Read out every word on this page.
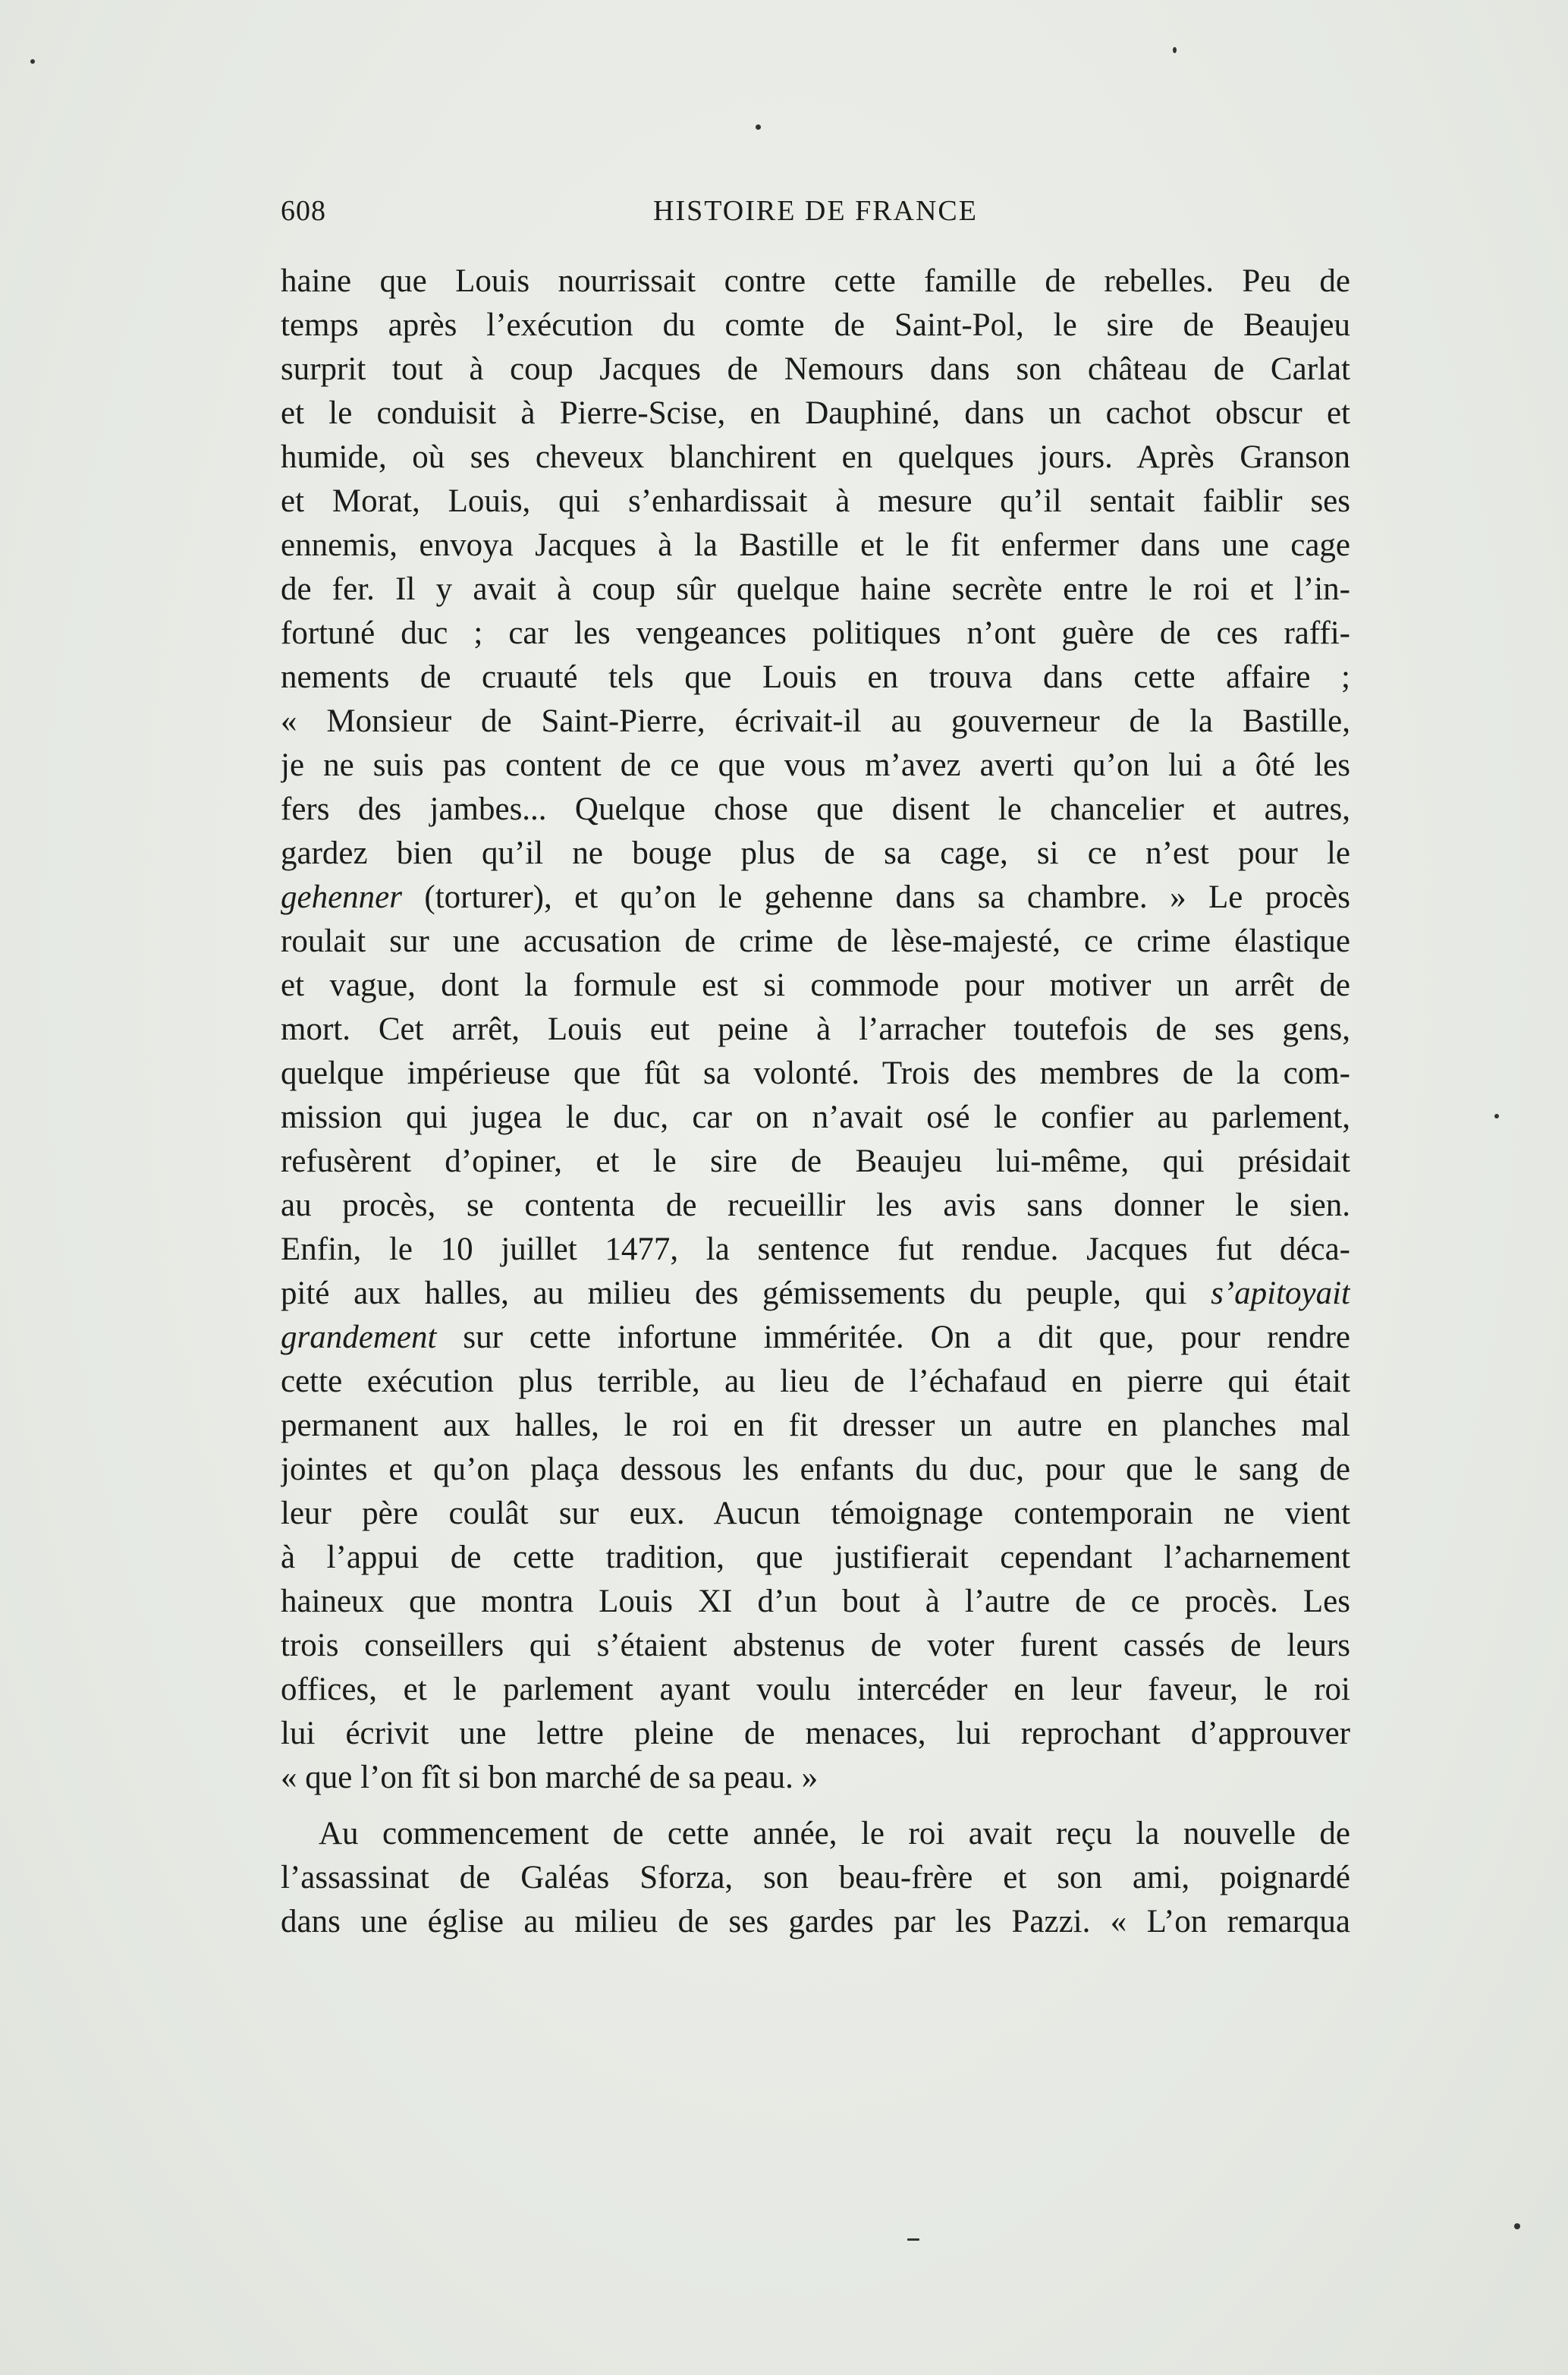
608	HISTOIRE DE FRANCE
haine que Louis nourrissait contre cette famille de rebelles. Peu de
temps après l’exécution du comte de Saint-Pol, le sire de Beaujeu
surprit tout à coup Jacques de Nemours dans son château de Carlat
et le conduisit à Pierre-Scise, en Dauphiné, dans un cachot obscur et
humide, où ses cheveux blanchirent en quelques jours. Après Granson
et Morat, Louis, qui s’enhardissait à mesure qu’il sentait faiblir ses
ennemis, envoya Jacques à la Bastille et le fit enfermer dans une cage
de fer. Il y avait à coup sûr quelque haine secrète entre le roi et l’in-
fortuné duc ; car les vengeances politiques n’ont guère de ces raffi-
nements de cruauté tels que Louis en trouva dans cette affaire ;
« Monsieur de Saint-Pierre, écrivait-il au gouverneur de la Bastille,
je ne suis pas content de ce que vous m’avez averti qu’on lui a ôté les
fers des jambes... Quelque chose que disent le chancelier et autres,
gardez bien qu’il ne bouge plus de sa cage, si ce n’est pour le
gehenner (torturer), et qu’on le gehenne dans sa chambre. » Le procès
roulait sur une accusation de crime de lèse-majesté, ce crime élastique
et vague, dont la formule est si commode pour motiver un arrêt de
mort. Cet arrêt, Louis eut peine à l’arracher toutefois de ses gens,
quelque impérieuse que fût sa volonté. Trois des membres de la com-
mission qui jugea le duc, car on n’avait osé le confier au parlement,
refusèrent d’opiner, et le sire de Beaujeu lui-même, qui présidait
au procès, se contenta de recueillir les avis sans donner le sien.
Enfin, le 10 juillet 1477, la sentence fut rendue. Jacques fut déca-
pité aux halles, au milieu des gémissements du peuple, qui s’apitoyait
grandement sur cette infortune imméritée. On a dit que, pour rendre
cette exécution plus terrible, au lieu de l’échafaud en pierre qui était
permanent aux halles, le roi en fit dresser un autre en planches mal
jointes et qu’on plaça dessous les enfants du duc, pour que le sang de
leur père coulât sur eux. Aucun témoignage contemporain ne vient
à l’appui de cette tradition, que justifierait cependant l’acharnement
haineux que montra Louis XI d’un bout à l’autre de ce procès. Les
trois conseillers qui s’étaient abstenus de voter furent cassés de leurs
offices, et le parlement ayant voulu intercéder en leur faveur, le roi
lui écrivit une lettre pleine de menaces, lui reprochant d’approuver
« que l’on fît si bon marché de sa peau. »
Au commencement de cette année, le roi avait reçu la nouvelle de
l’assassinat de Galéas Sforza, son beau-frère et son ami, poignardé
dans une église au milieu de ses gardes par les Pazzi. « L’on remarqua
